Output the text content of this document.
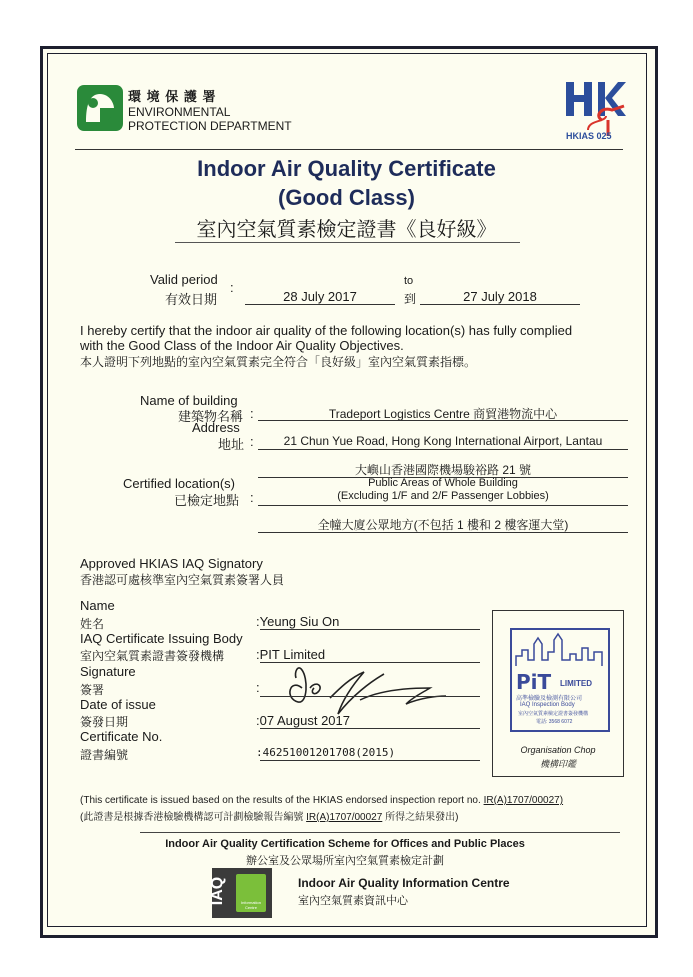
環 境 保 護 署
ENVIRONMENTAL
PROTECTION DEPARTMENT
HKIAS 025
Indoor Air Quality Certificate
(Good Class)
室內空氣質素檢定證書《良好級》
Valid period
有效日期
:
28 July 2017
to
到	27 July 2018
I hereby certify that the indoor air quality of the following location(s) has fully complied
with the Good Class of the Indoor Air Quality Objectives.
本人證明下列地點的室內空氣質素完全符合「良好級」室內空氣質素指標。
Name of building
建築物名稱 :	Tradeport Logistics Centre 商貿港物流中心
Address
地址 :	21 Chun Yue Road, Hong Kong International Airport, Lantau
大嶼山香港國際機場駿裕路 21 號
Certified location(s)
已檢定地點 :
Public Areas of Whole Building
(Excluding 1/F and 2/F Passenger Lobbies)
全幢大廈公眾地方(不包括 1 樓和 2 樓客運大堂)
Approved HKIAS IAQ Signatory
香港認可處核準室內空氣質素簽署人員
Name
姓名	:Yeung Siu On
IAQ Certificate Issuing Body
室內空氣質素證書簽發機構 :PIT Limited
Signature
簽署	:
Date of issue
簽發日期	:07 August 2017
Certificate No.
證書編號	:46251001201708(2015)
PiT LIMITED
高準檢驗及檢測有限公司
IAQ Inspection Body
室內空氣質素檢定證書簽發機構
電話: 3568 6072
Organisation Chop
機構印鑑
(This certificate is issued based on the results of the HKIAS endorsed inspection report no. IR(A)1707/00027)
(此證書是根據香港檢驗機構認可計劃檢驗報告編號 IR(A)1707/00027 所得之結果發出)
Indoor Air Quality Certification Scheme for Offices and Public Places
辦公室及公眾場所室內空氣質素檢定計劃
IAQ	Information Centre
Indoor Air Quality Information Centre
室內空氣質素資訊中心
